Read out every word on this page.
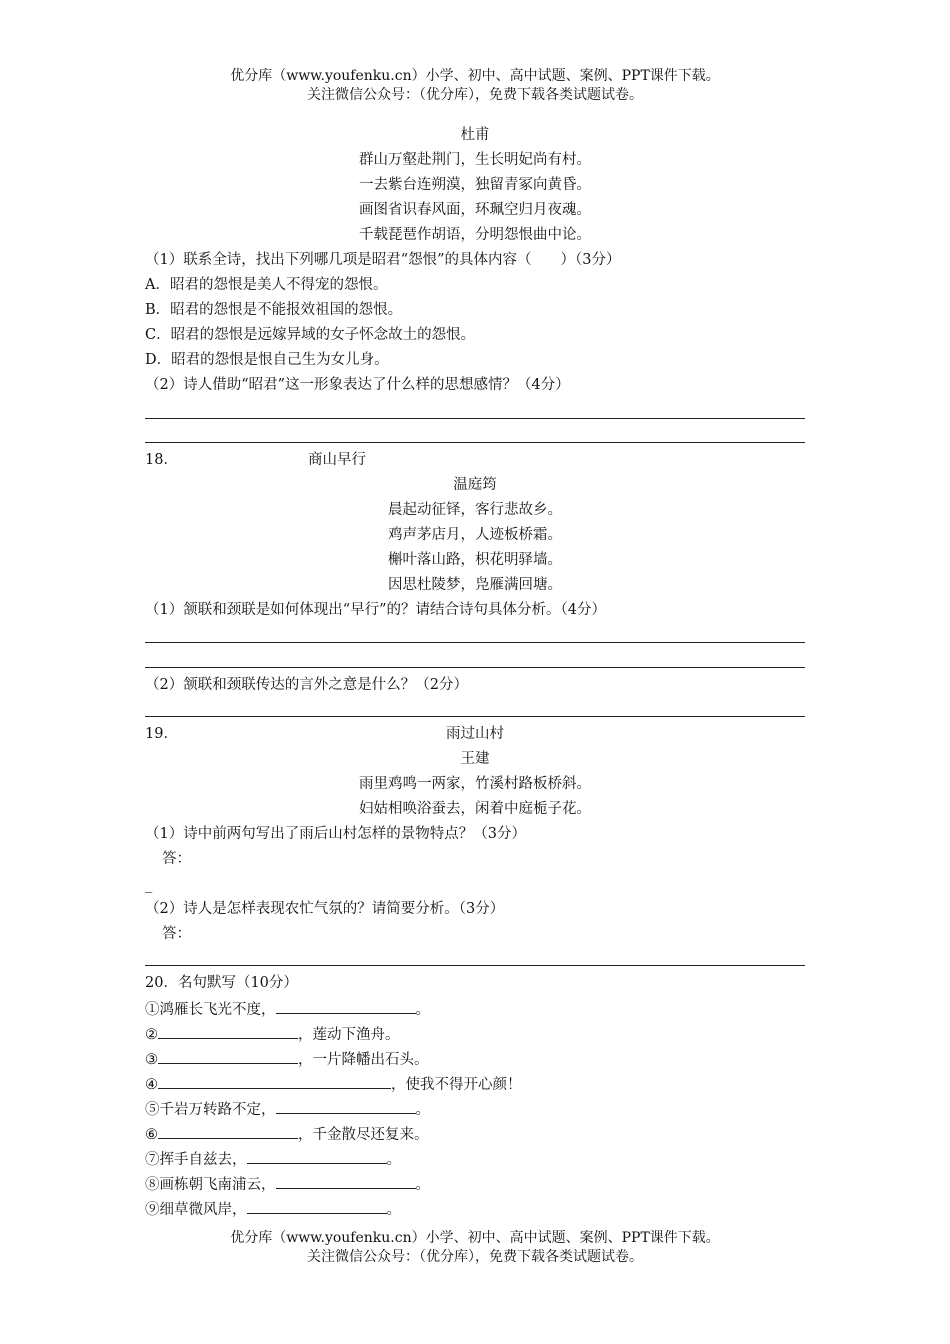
优分库（www.youfenku.cn）小学、初中、高中试题、案例、PPT课件下载。
关注微信公众号：（优分库），免费下载各类试题试卷。
杜甫
群山万壑赴荆门，生长明妃尚有村。
一去紫台连朔漠，独留青冢向黄昏。
画图省识春风面，环珮空归月夜魂。
千载琵琶作胡语，分明怨恨曲中论。
（1）联系全诗，找出下列哪几项是昭君“怨恨”的具体内容（　　）（3分）
A．昭君的怨恨是美人不得宠的怨恨。
B．昭君的怨恨是不能报效祖国的怨恨。
C．昭君的怨恨是远嫁异域的女子怀念故土的怨恨。
D．昭君的怨恨是恨自己生为女儿身。
（2）诗人借助“昭君”这一形象表达了什么样的思想感情？（4分）
18．	商山早行
温庭筠
晨起动征铎，客行悲故乡。
鸡声茅店月，人迹板桥霜。
槲叶落山路，枳花明驿墙。
因思杜陵梦，凫雁满回塘。
（1）颔联和颈联是如何体现出“早行”的？请结合诗句具体分析。（4分）
（2）颔联和颈联传达的言外之意是什么？（2分）
19．	雨过山村
王建
雨里鸡鸣一两家，竹溪村路板桥斜。
妇姑相唤浴蚕去，闲着中庭栀子花。
（1）诗中前两句写出了雨后山村怎样的景物特点？（3分）
答：
_
（2）诗人是怎样表现农忙气氛的？请简要分析。（3分）
答：
20．名句默写（10分）
①鸿雁长飞光不度，	。
②	，莲动下渔舟。
③	，一片降幡出石头。
④	，使我不得开心颜！
⑤千岩万转路不定，	。
⑥	，千金散尽还复来。
⑦挥手自兹去，	。
⑧画栋朝飞南浦云，	。
⑨细草微风岸，	。
优分库（www.youfenku.cn）小学、初中、高中试题、案例、PPT课件下载。
关注微信公众号：（优分库），免费下载各类试题试卷。
